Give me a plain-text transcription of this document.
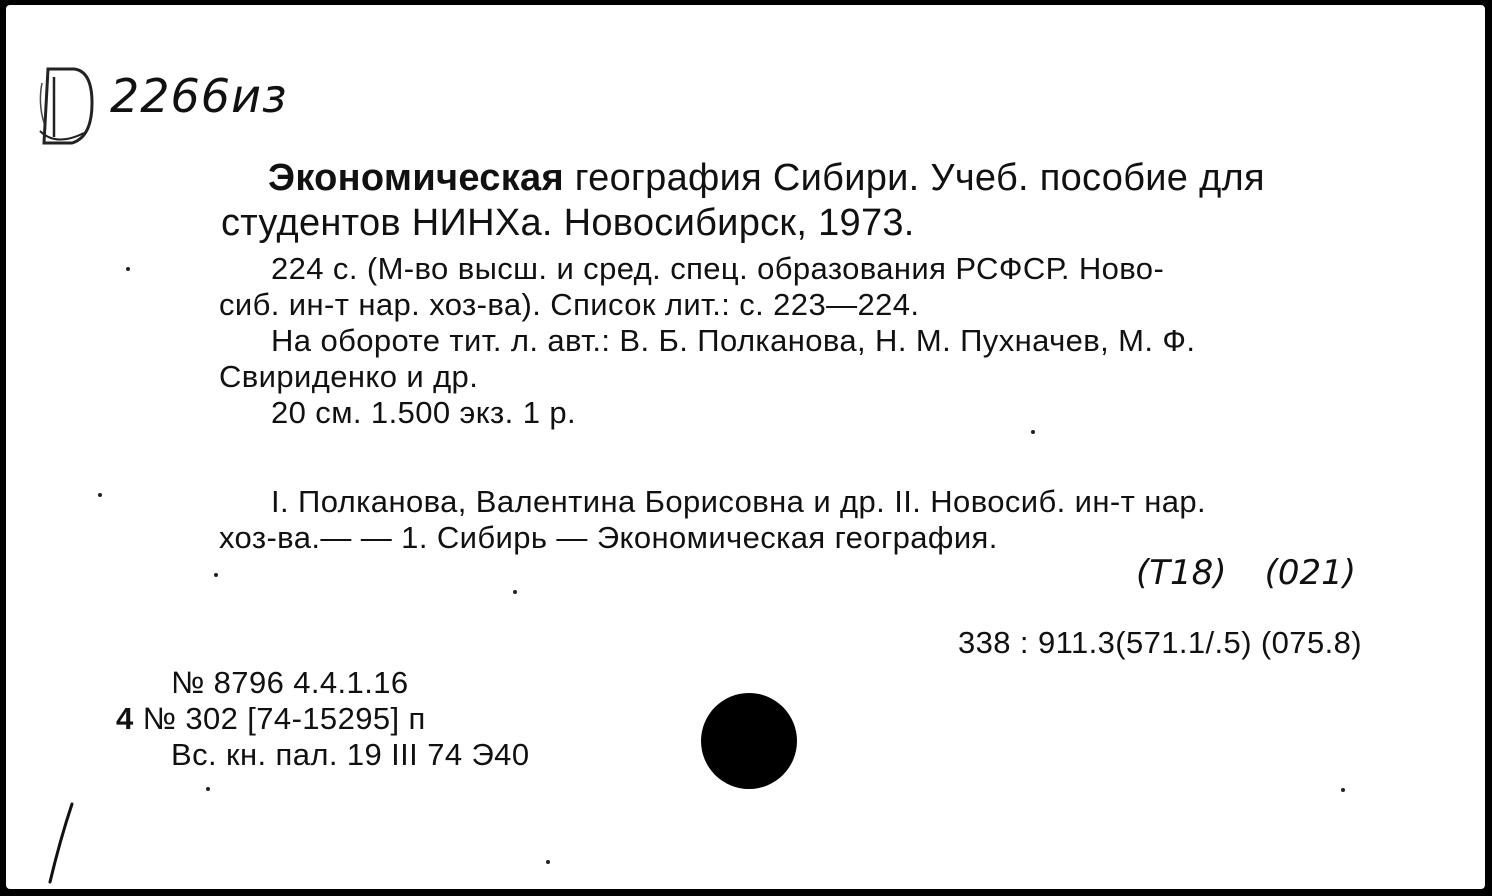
2266из
Экономическая география Сибири. Учеб. пособие для
студентов НИНХа. Новосибирск, 1973.
224 с. (М-во высш. и сред. спец. образования РСФСР. Ново-
сиб. ин-т нар. хоз-ва). Список лит.: с. 223—224.
На обороте тит. л. авт.: В. Б. Полканова, Н. М. Пухначев, М. Ф.
Свириденко и др.
20 см. 1.500 экз. 1 р.
I. Полканова, Валентина Борисовна и др. II. Новосиб. ин-т нар.
хоз-ва.— — 1. Сибирь — Экономическая география.
(Т18) (021)
338 : 911.3(571.1/.5) (075.8)
№ 8796 4.4.1.16
4 № 302 [74-15295] п
Вс. кн. пал. 19 III 74 Э40
